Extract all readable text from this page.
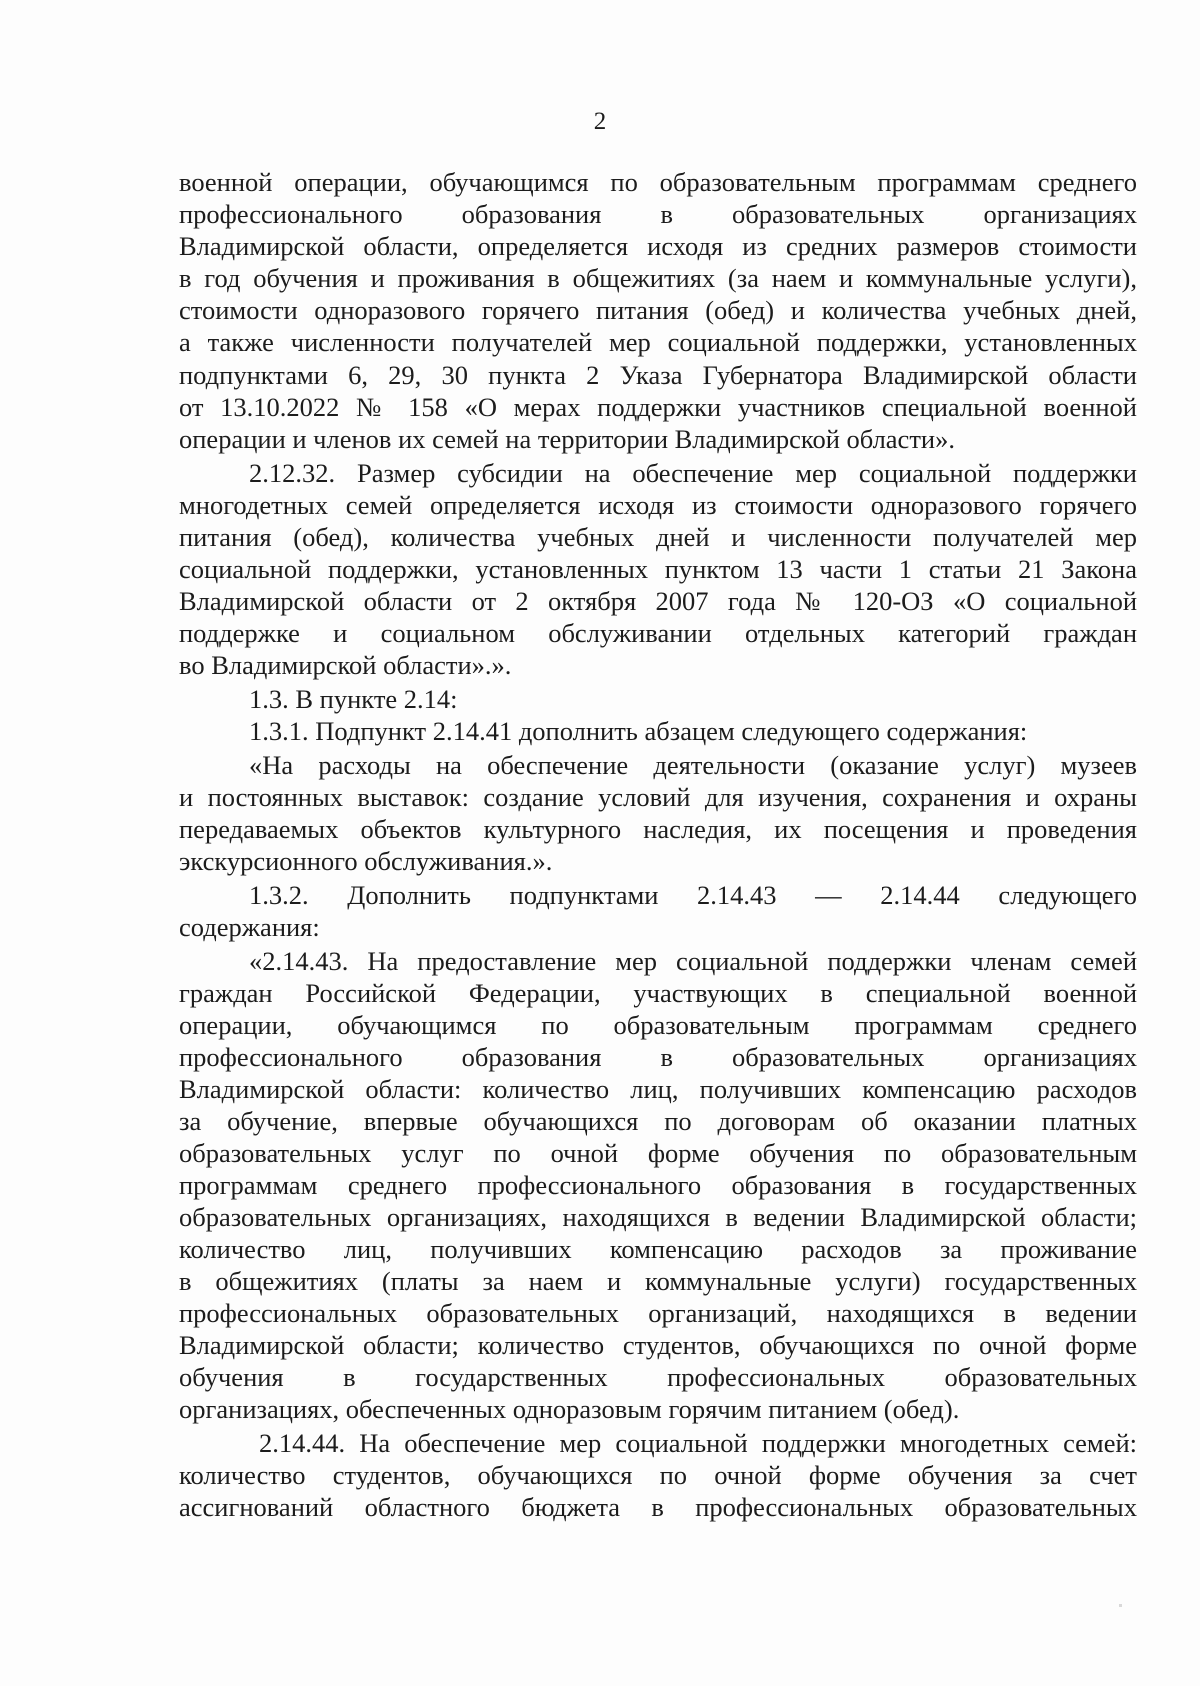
2
военной операции, обучающимся по образовательным программам среднего
профессионального образования в образовательных организациях
Владимирской области, определяется исходя из средних размеров стоимости
в год обучения и проживания в общежитиях (за наем и коммунальные услуги),
стоимости одноразового горячего питания (обед) и количества учебных дней,
а также численности получателей мер социальной поддержки, установленных
подпунктами 6, 29, 30 пункта 2 Указа Губернатора Владимирской области
от 13.10.2022 № 158 «О мерах поддержки участников специальной военной
операции и членов их семей на территории Владимирской области».
2.12.32. Размер субсидии на обеспечение мер социальной поддержки
многодетных семей определяется исходя из стоимости одноразового горячего
питания (обед), количества учебных дней и численности получателей мер
социальной поддержки, установленных пунктом 13 части 1 статьи 21 Закона
Владимирской области от 2 октября 2007 года № 120-ОЗ «О социальной
поддержке и социальном обслуживании отдельных категорий граждан
во Владимирской области».».
1.3. В пункте 2.14:
1.3.1. Подпункт 2.14.41 дополнить абзацем следующего содержания:
«На расходы на обеспечение деятельности (оказание услуг) музеев
и постоянных выставок: создание условий для изучения, сохранения и охраны
передаваемых объектов культурного наследия, их посещения и проведения
экскурсионного обслуживания.».
1.3.2. Дополнить подпунктами 2.14.43 — 2.14.44 следующего
содержания:
«2.14.43. На предоставление мер социальной поддержки членам семей
граждан Российской Федерации, участвующих в специальной военной
операции, обучающимся по образовательным программам среднего
профессионального образования в образовательных организациях
Владимирской области: количество лиц, получивших компенсацию расходов
за обучение, впервые обучающихся по договорам об оказании платных
образовательных услуг по очной форме обучения по образовательным
программам среднего профессионального образования в государственных
образовательных организациях, находящихся в ведении Владимирской области;
количество лиц, получивших компенсацию расходов за проживание
в общежитиях (платы за наем и коммунальные услуги) государственных
профессиональных образовательных организаций, находящихся в ведении
Владимирской области; количество студентов, обучающихся по очной форме
обучения в государственных профессиональных образовательных
организациях, обеспеченных одноразовым горячим питанием (обед).
2.14.44. На обеспечение мер социальной поддержки многодетных семей:
количество студентов, обучающихся по очной форме обучения за счет
ассигнований областного бюджета в профессиональных образовательных
